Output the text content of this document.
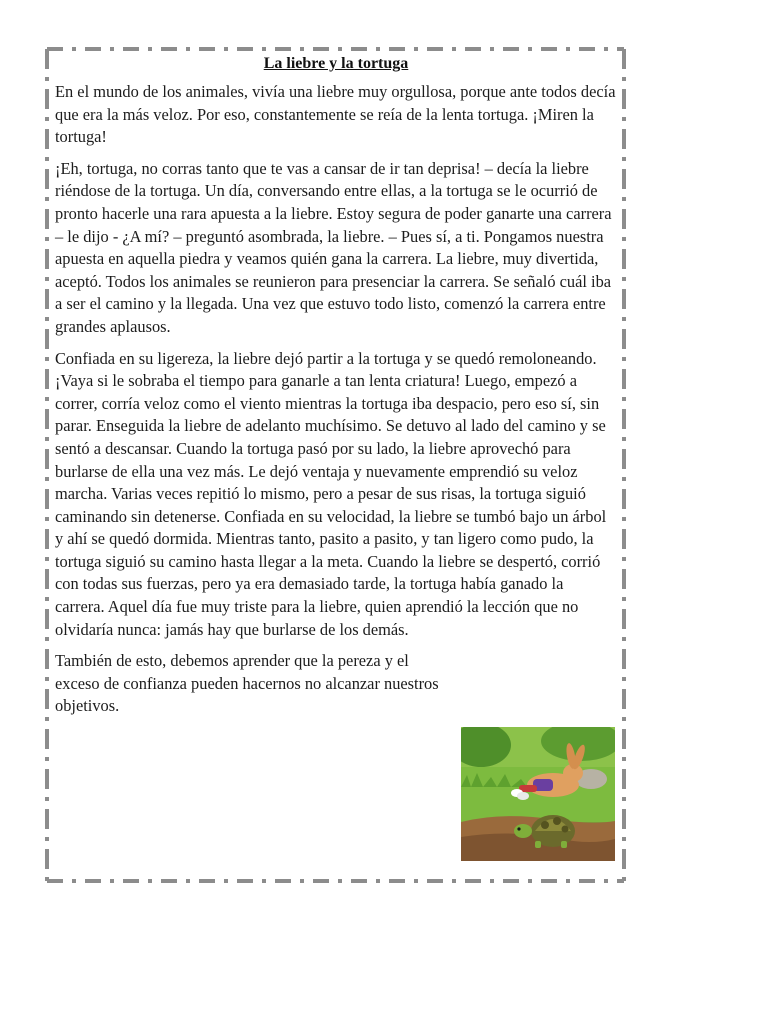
La liebre y la tortuga

En el mundo de los animales, vivía una liebre muy orgullosa, porque ante todos decía que era la más veloz. Por eso, constantemente se reía de la lenta tortuga. ¡Miren la tortuga!

¡Eh, tortuga, no corras tanto que te vas a cansar de ir tan deprisa! – decía la liebre riéndose de la tortuga. Un día, conversando entre ellas, a la tortuga se le ocurrió de pronto hacerle una rara apuesta a la liebre. Estoy segura de poder ganarte una carrera – le dijo - ¿A mí? – preguntó asombrada, la liebre. – Pues sí, a ti. Pongamos nuestra apuesta en aquella piedra y veamos quién gana la carrera. La liebre, muy divertida, aceptó. Todos los animales se reunieron para presenciar la carrera. Se señaló cuál iba a ser el camino y la llegada. Una vez que estuvo todo listo, comenzó la carrera entre grandes aplausos.

Confiada en su ligereza, la liebre dejó partir a la tortuga y se quedó remoloneando. ¡Vaya si le sobraba el tiempo para ganarle a tan lenta criatura! Luego, empezó a correr, corría veloz como el viento mientras la tortuga iba despacio, pero eso sí, sin parar. Enseguida la liebre de adelanto muchísimo. Se detuvo al lado del camino y se sentó a descansar. Cuando la tortuga pasó por su lado, la liebre aprovechó para burlarse de ella una vez más. Le dejó ventaja y nuevamente emprendió su veloz marcha. Varias veces repitió lo mismo, pero a pesar de sus risas, la tortuga siguió caminando sin detenerse. Confiada en su velocidad, la liebre se tumbó bajo un árbol y ahí se quedó dormida. Mientras tanto, pasito a pasito, y tan ligero como pudo, la tortuga siguió su camino hasta llegar a la meta. Cuando la liebre se despertó, corrió con todas sus fuerzas, pero ya era demasiado tarde, la tortuga había ganado la carrera. Aquel día fue muy triste para la liebre, quien aprendió la lección que no olvidaría nunca: jamás hay que burlarse de los demás.

También de esto, debemos aprender que la pereza y el exceso de confianza pueden hacernos no alcanzar nuestros objetivos.
